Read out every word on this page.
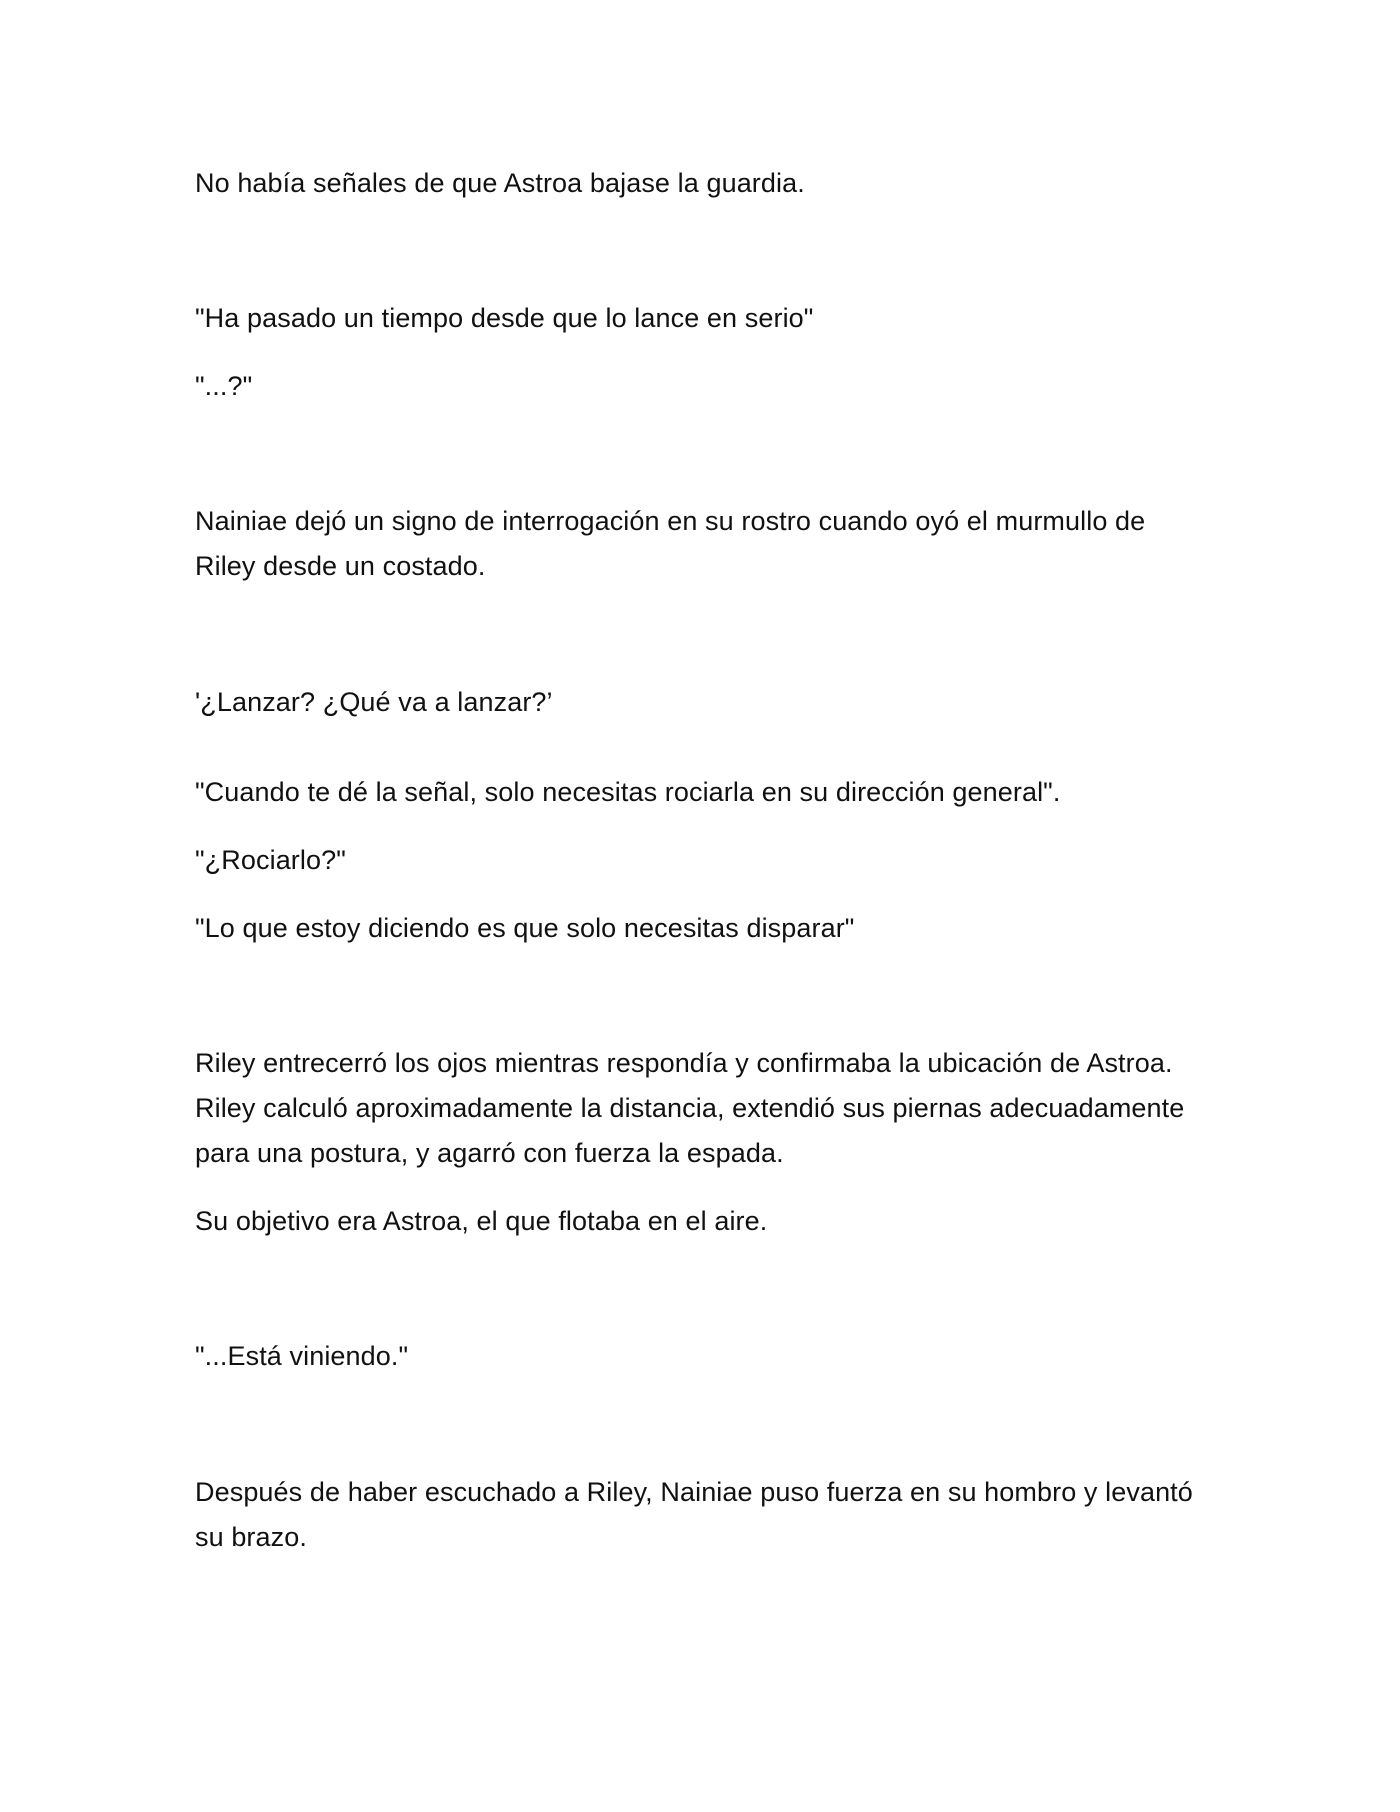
No había señales de que Astroa bajase la guardia.

"Ha pasado un tiempo desde que lo lance en serio"

"...?"

Nainiae dejó un signo de interrogación en su rostro cuando oyó el murmullo de Riley desde un costado.

'¿Lanzar? ¿Qué va a lanzar?’

"Cuando te dé la señal, solo necesitas rociarla en su dirección general".

"¿Rociarlo?"

"Lo que estoy diciendo es que solo necesitas disparar"

Riley entrecerró los ojos mientras respondía y confirmaba la ubicación de Astroa. Riley calculó aproximadamente la distancia, extendió sus piernas adecuadamente para una postura, y agarró con fuerza la espada.

Su objetivo era Astroa, el que flotaba en el aire.

"...Está viniendo."

Después de haber escuchado a Riley, Nainiae puso fuerza en su hombro y levantó su brazo.
